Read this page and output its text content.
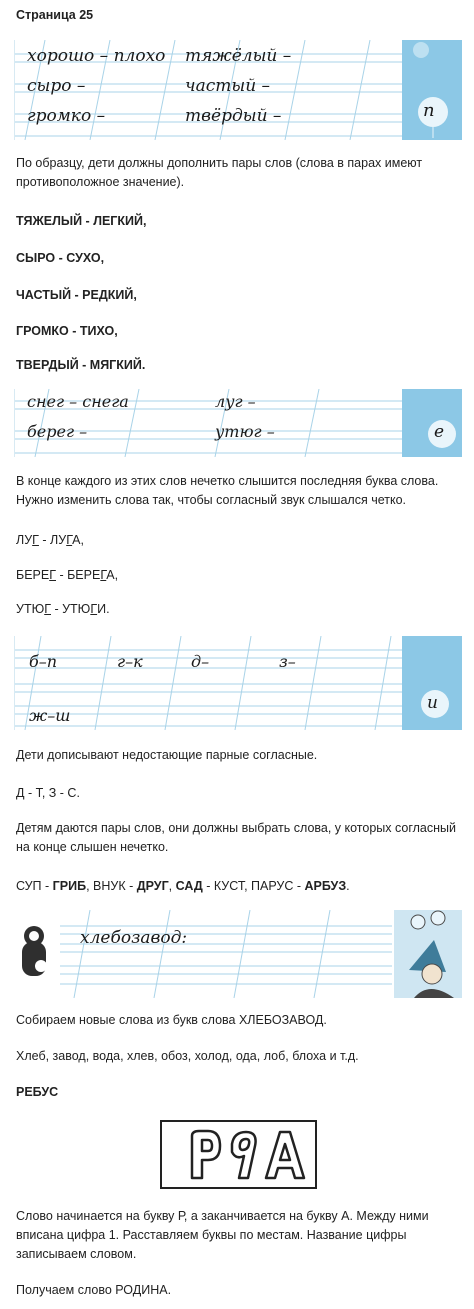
Страница 25
хорошо – плохо тяжёлый –
сыро –	частый –
громко –	твёрдый –	п
По образцу, дети должны дополнить пары слов (слова в парах имеют противоположное значение).
ТЯЖЕЛЫЙ - ЛЕГКИЙ,
СЫРО - СУХО,
ЧАСТЫЙ - РЕДКИЙ,
ГРОМКО - ТИХО,
ТВЕРДЫЙ - МЯГКИЙ.
снег – снега	луг –
берег –	утюг –	е
В конце каждого из этих слов нечетко слышится последняя буква слова. Нужно изменить слова так, чтобы согласный звук слышался четко.
ЛУГ - ЛУГА,
БЕРЕГ - БЕРЕГА,
УТЮГ - УТЮГИ.
б–п	г–к	д–	з–
ж–ш
и
Дети дописывают недостающие парные согласные.
Д - Т, З - С.
Детям даются пары слов, они должны выбрать слова, у которых согласный на конце слышен нечетко.
СУП - ГРИБ, ВНУК - ДРУГ, САД - КУСТ, ПАРУС - АРБУЗ.
хлебозавод:
Собираем новые слова из букв слова ХЛЕБОЗАВОД.
Хлеб, завод, вода, хлев, обоз, холод, ода, лоб, блоха и т.д.
РЕБУС
Слово начинается на букву Р, а заканчивается на букву А. Между ними вписана цифра 1. Расставляем буквы по местам. Название цифры записываем словом.
Получаем слово РОДИНА.
